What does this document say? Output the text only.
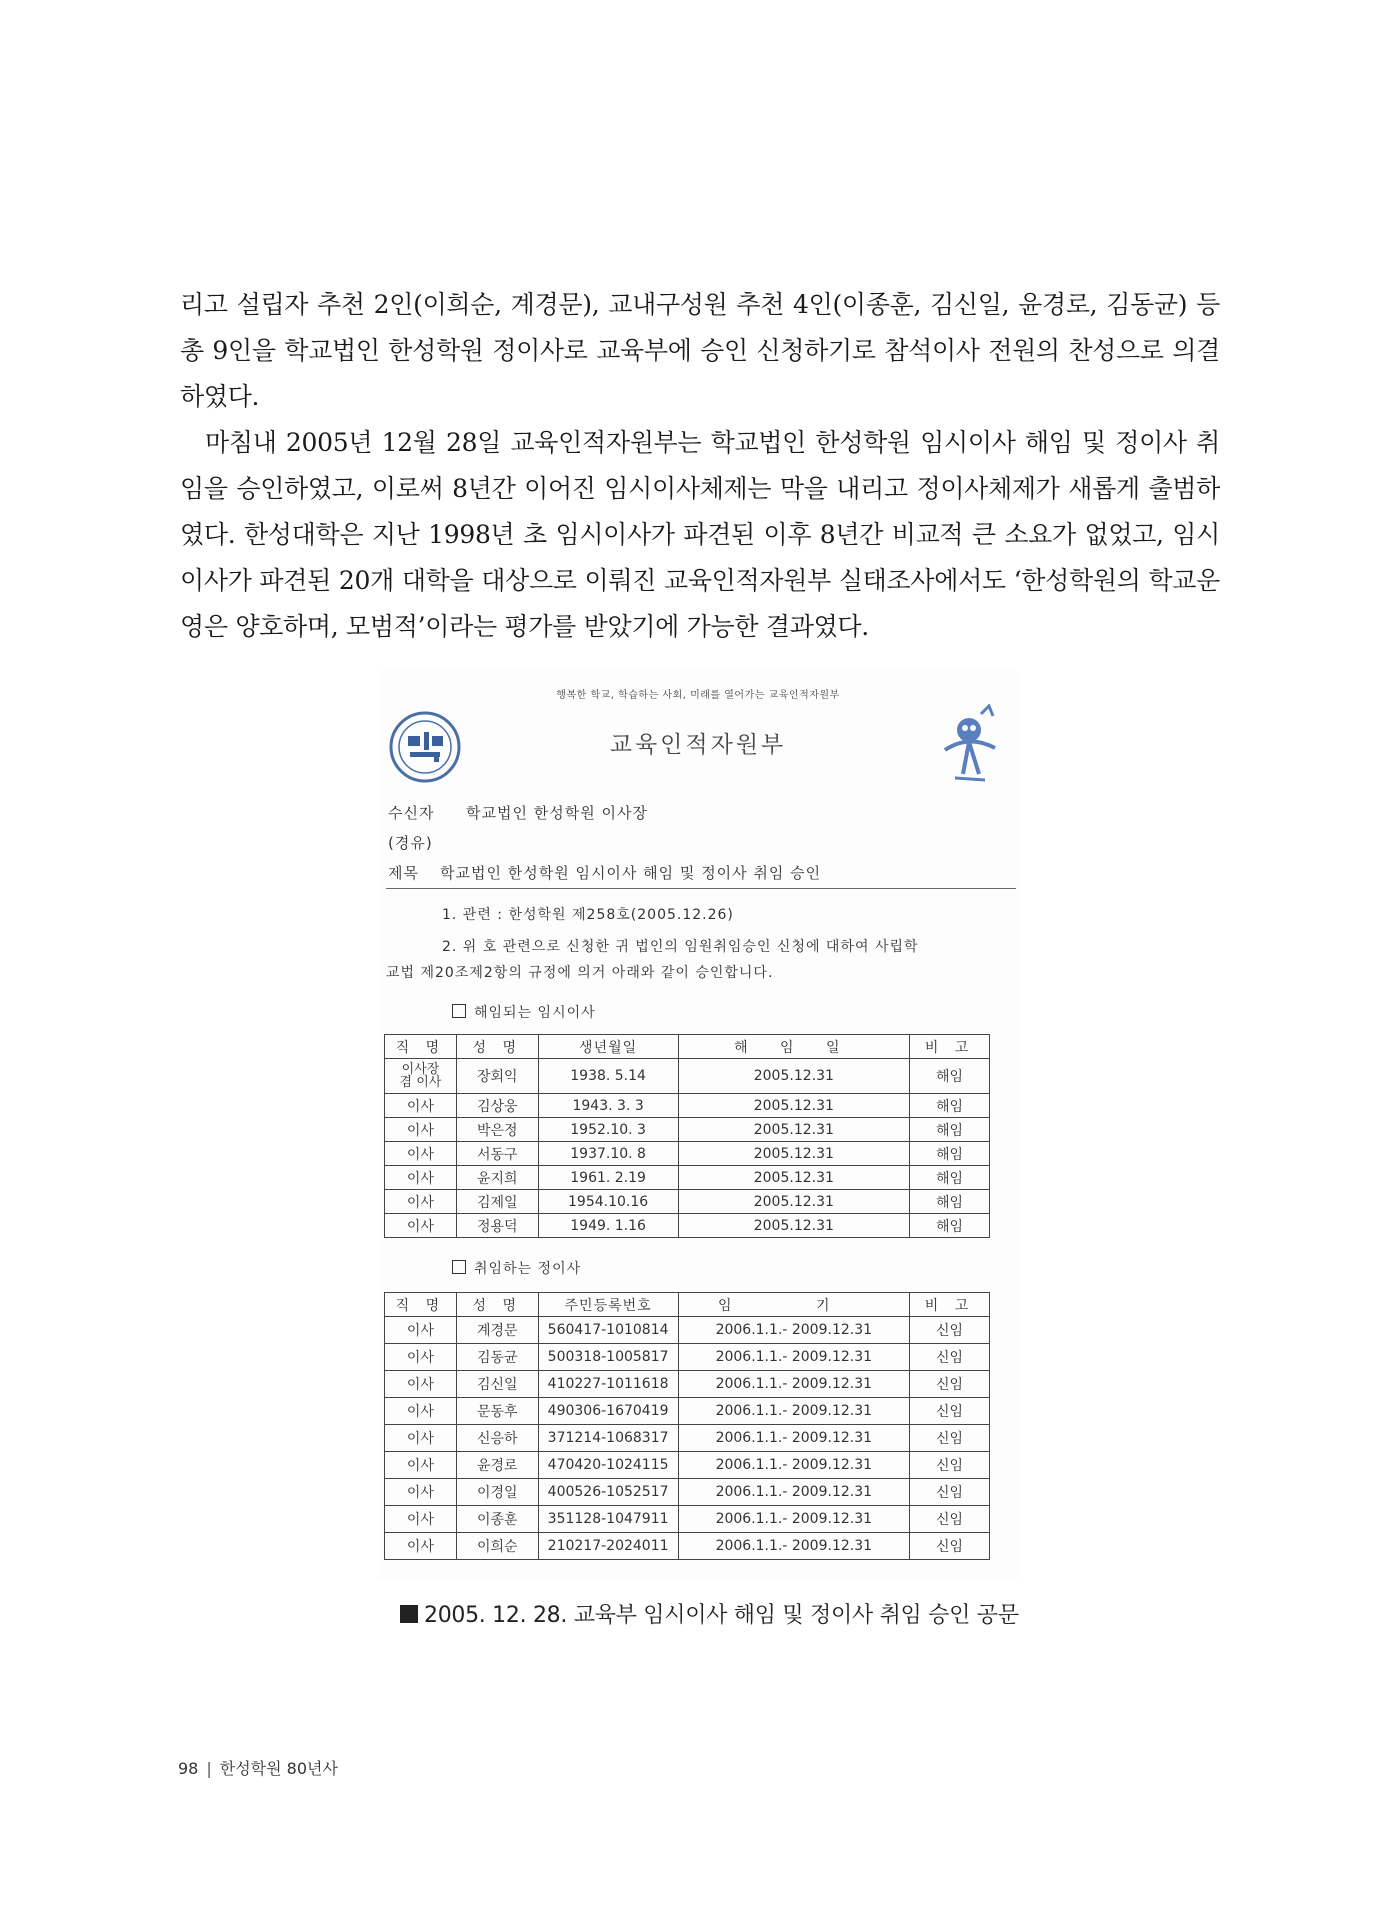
리고 설립자 추천 2인(이희순, 계경문), 교내구성원 추천 4인(이종훈, 김신일, 윤경로, 김동균) 등 총 9인을 학교법인 한성학원 정이사로 교육부에 승인 신청하기로 참석이사 전원의 찬성으로 의결하였다.

마침내 2005년 12월 28일 교육인적자원부는 학교법인 한성학원 임시이사 해임 및 정이사 취임을 승인하였고, 이로써 8년간 이어진 임시이사체제는 막을 내리고 정이사체제가 새롭게 출범하였다. 한성대학은 지난 1998년 초 임시이사가 파견된 이후 8년간 비교적 큰 소요가 없었고, 임시이사가 파견된 20개 대학을 대상으로 이뤄진 교육인적자원부 실태조사에서도 ‘한성학원의 학교운영은 양호하며, 모범적’이라는 평가를 받았기에 가능한 결과였다.

행복한 학교, 학습하는 사회, 미래를 열어가는 교육인적자원부
교육인적자원부
수신자 학교법인 한성학원 이사장
(경유)
제목 학교법인 한성학원 임시이사 해임 및 정이사 취임 승인
1. 관련 : 한성학원 제258호(2005.12.26)
2. 위 호 관련으로 신청한 귀 법인의 임원취임승인 신청에 대하여 사립학
교법 제20조제2항의 규정에 의거 아래와 같이 승인합니다.
해임되는 임시이사
직 명	성 명	생년월일	해 임 일	비 고
이사장
겸 이사	장회익	1938. 5.14	2005.12.31	해임
이사	김상웅	1943. 3. 3	2005.12.31	해임
이사	박은정	1952.10. 3	2005.12.31	해임
이사	서동구	1937.10. 8	2005.12.31	해임
이사	윤지희	1961. 2.19	2005.12.31	해임
이사	김제일	1954.10.16	2005.12.31	해임
이사	정용덕	1949. 1.16	2005.12.31	해임
취임하는 정이사
직 명	성 명	주민등록번호	임 기	비 고
이사	계경문	560417-1010814	2006.1.1.- 2009.12.31	신임
이사	김동균	500318-1005817	2006.1.1.- 2009.12.31	신임
이사	김신일	410227-1011618	2006.1.1.- 2009.12.31	신임
이사	문동후	490306-1670419	2006.1.1.- 2009.12.31	신임
이사	신응하	371214-1068317	2006.1.1.- 2009.12.31	신임
이사	윤경로	470420-1024115	2006.1.1.- 2009.12.31	신임
이사	이경일	400526-1052517	2006.1.1.- 2009.12.31	신임
이사	이종훈	351128-1047911	2006.1.1.- 2009.12.31	신임
이사	이희순	210217-2024011	2006.1.1.- 2009.12.31	신임
2005. 12. 28. 교육부 임시이사 해임 및 정이사 취임 승인 공문
98 | 한성학원 80년사
